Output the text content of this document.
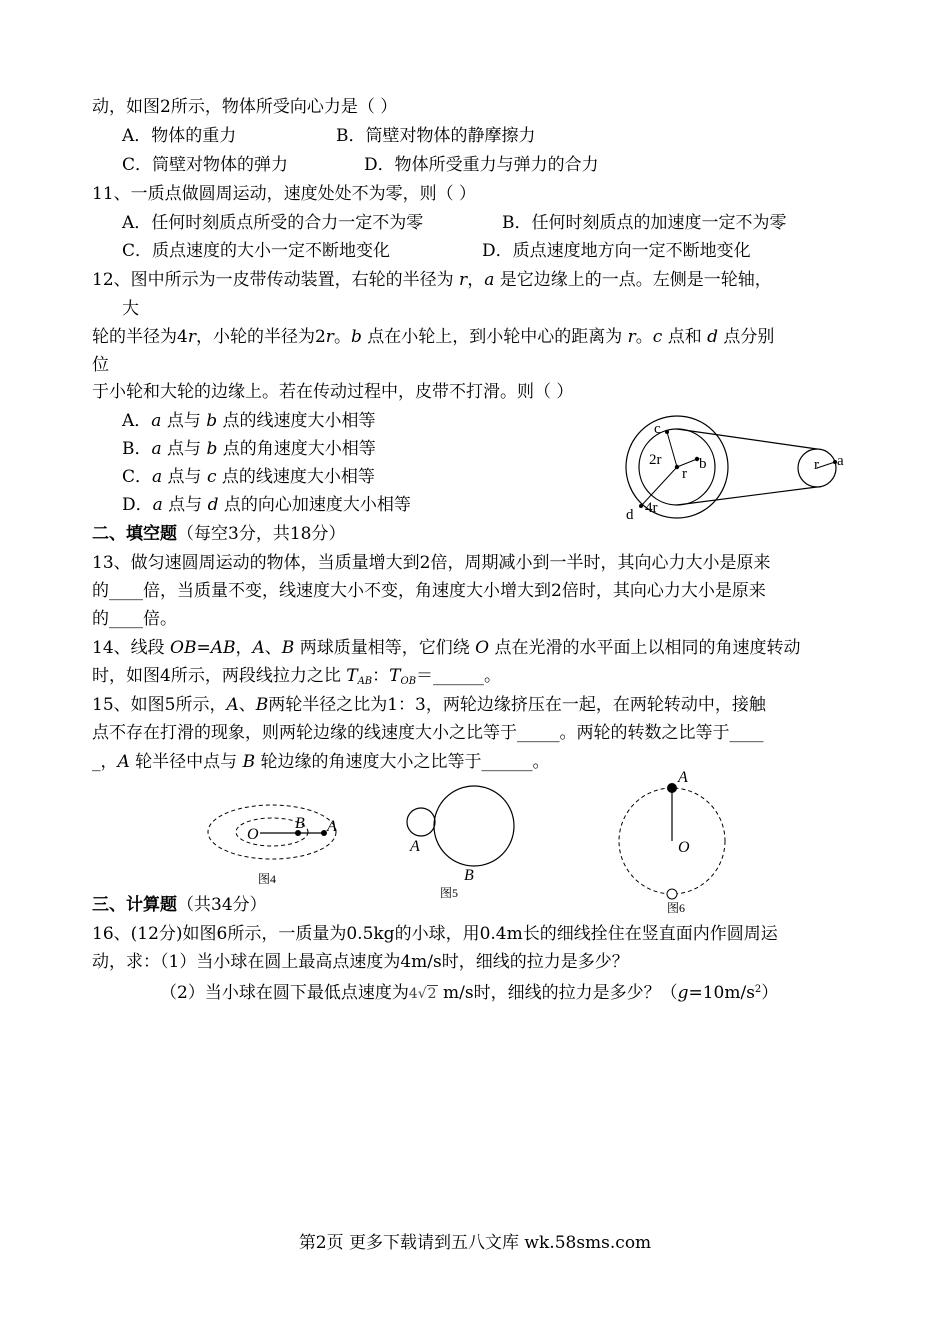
动，如图2所示，物体所受向心力是（ ）
A．物体的重力	B．筒壁对物体的静摩擦力
C．筒壁对物体的弹力	D．物体所受重力与弹力的合力
11、一质点做圆周运动，速度处处不为零，则（ ）
A．任何时刻质点所受的合力一定不为零	B．任何时刻质点的加速度一定不为零
C．质点速度的大小一定不断地变化	D．质点速度地方向一定不断地变化
12、图中所示为一皮带传动装置，右轮的半径为 r，a 是它边缘上的一点。左侧是一轮轴，
大
轮的半径为4r，小轮的半径为2r。b 点在小轮上，到小轮中心的距离为 r。c 点和 d 点分别
位
于小轮和大轮的边缘上。若在传动过程中，皮带不打滑。则（ ）
A．a 点与 b 点的线速度大小相等
B．a 点与 b 点的角速度大小相等
C．a 点与 c 点的线速度大小相等
D．a 点与 d 点的向心加速度大小相等
c
2r	b
r
d 4r
r a
二、填空题（每空3分，共18分）
13、做匀速圆周运动的物体，当质量增大到2倍，周期减小到一半时，其向心力大小是原来
的____倍，当质量不变，线速度大小不变，角速度大小增大到2倍时，其向心力大小是原来
的____倍。
14、线段 OB=AB，A、B 两球质量相等，它们绕 O 点在光滑的水平面上以相同的角速度转动
时，如图4所示，两段线拉力之比 $T_{AB}$：$T_{OB}=\_\_\_\_\_\_$。
15、如图5所示，A、B两轮半径之比为1：3，两轮边缘挤压在一起，在两轮转动中，接触
点不存在打滑的现象，则两轮边缘的线速度大小之比等于_____。两轮的转数之比等于____
_，A 轮半径中点与 B 轮边缘的角速度大小之比等于______。
O
B A
图4
A
B
图5
A
O
图6
三、计算题（共34分）
16、(12分)如图6所示，一质量为0.5kg的小球，用0.4m长的细线拴住在竖直面内作圆周运
动，求：（1）当小球在圆上最高点速度为4m/s时，细线的拉力是多少？
（2）当小球在圆下最低点速度为4√2 m/s时，细线的拉力是多少？$(g=10m/s^2)$
第2页 更多下载请到五八文库 wk.58sms.com
